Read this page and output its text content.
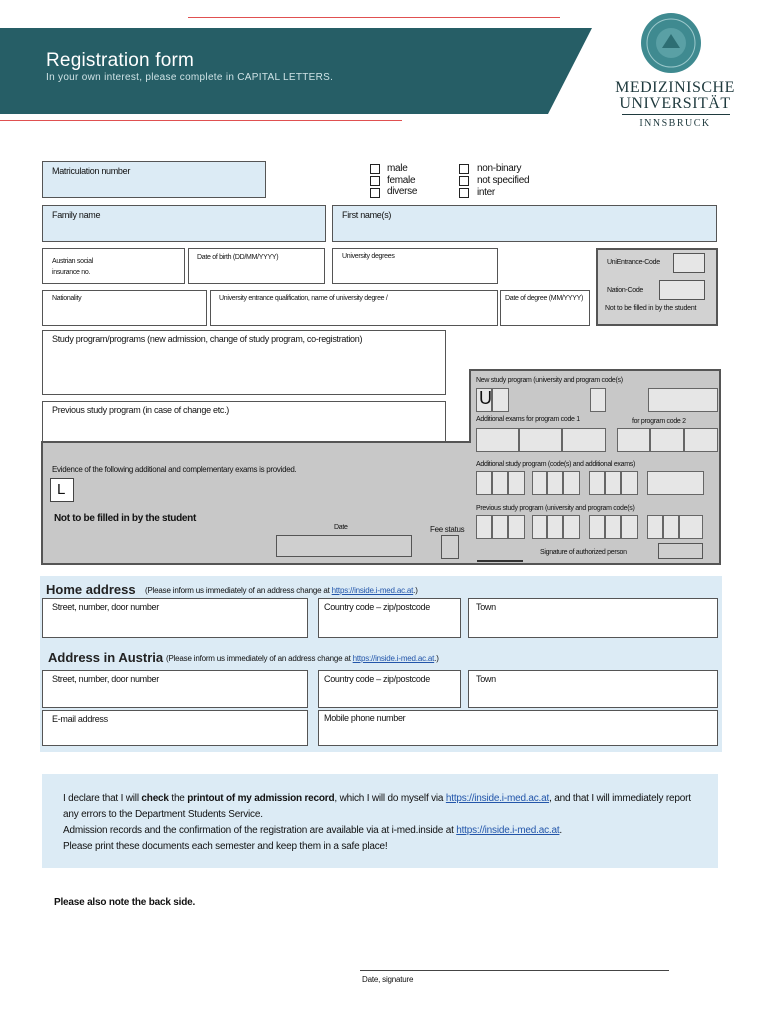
Registration form
In your own interest, please complete in CAPITAL LETTERS.
MEDIZINISCHE
UNIVERSITÄT
INNSBRUCK
Matriculation number	male
female
diverse
non-binary
not specified
inter
Family name	First name(s)
Austrian social
insurance no.
Date of birth (DD/MM/YYYY)	University degrees
Nationality	University entrance qualification, name of university degree /	Date of degree (MM/YYYY)
UniEntrance-Code
Nation-Code
Not to be filled in by the student
Study program/programs (new admission, change of study program, co-registration)
Previous study program (in case of change etc.)
New study program (university and program code(s)
U
Additional exams for program code 1	for program code 2
Additional study program (code(s) and additional exams)
Previous study program (university and program code(s)
Evidence of the following additional and complementary exams is provided.
L
Not to be filled in by the student
Date	Fee status
Signature of authorized person
Home address (Please inform us immediately of an address change at https://inside.i-med.ac.at.)
Street, number, door number	Country code – zip/postcode	Town
Address in Austria (Please inform us immediately of an address change at https://inside.i-med.ac.at.)
Street, number, door number	Country code – zip/postcode	Town
E-mail address	Mobile phone number
I declare that I will check the printout of my admission record, which I will do myself via https://inside.i-med.ac.at, and that I will immediately report any errors to the Department Students Service.
Admission records and the confirmation of the registration are available via at i-med.inside at https://inside.i-med.ac.at.
Please print these documents each semester and keep them in a safe place!
Please also note the back side.
Date, signature
